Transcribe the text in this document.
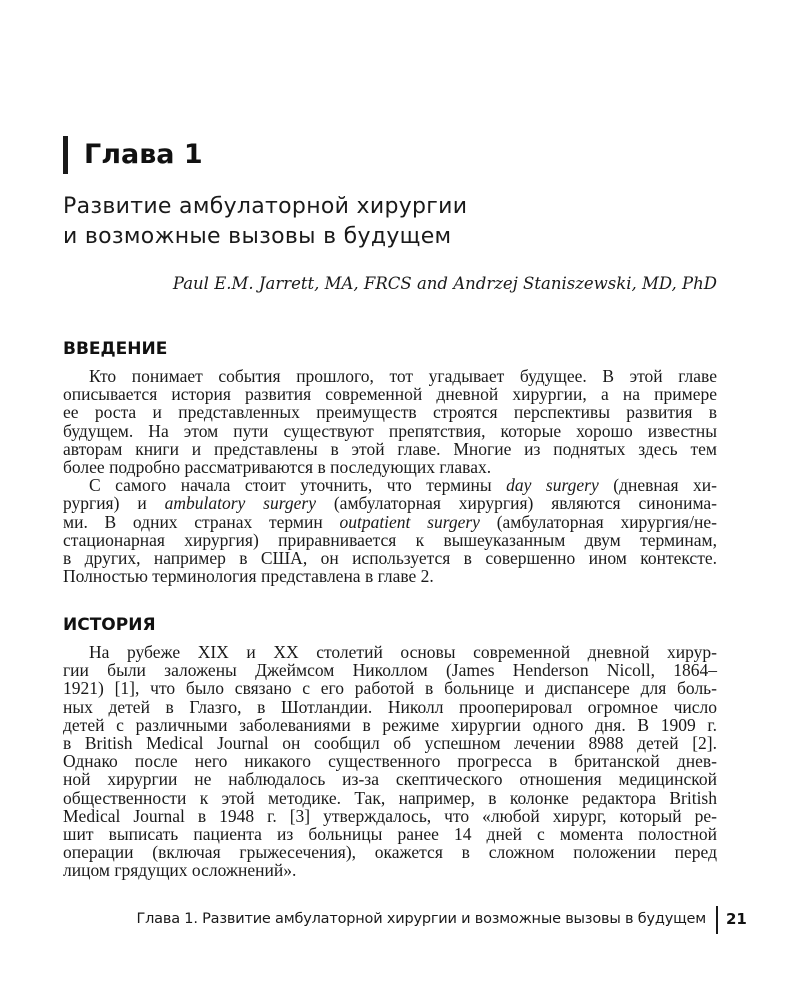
Глава 1
Развитие амбулаторной хирургии
и возможные вызовы в будущем
Paul E.M. Jarrett, MA, FRCS and Andrzej Staniszewski, MD, PhD
ВВЕДЕНИЕ
Кто понимает события прошлого, тот угадывает будущее. В этой главе
описывается история развития современной дневной хирургии, а на примере
ее роста и представленных преимуществ строятся перспективы развития в
будущем. На этом пути существуют препятствия, которые хорошо известны
авторам книги и представлены в этой главе. Многие из поднятых здесь тем
более подробно рассматриваются в последующих главах.
С самого начала стоит уточнить, что термины day surgery (дневная хи-
рургия) и ambulatory surgery (амбулаторная хирургия) являются синонима-
ми. В одних странах термин outpatient surgery (амбулаторная хирургия/не-
стационарная хирургия) приравнивается к вышеуказанным двум терминам,
в других, например в США, он используется в совершенно ином контексте.
Полностью терминология представлена в главе 2.
ИСТОРИЯ
На рубеже XIX и XX столетий основы современной дневной хирур-
гии были заложены Джеймсом Николлом (James Henderson Nicoll, 1864–
1921) [1], что было связано с его работой в больнице и диспансере для боль-
ных детей в Глазго, в Шотландии. Николл прооперировал огромное число
детей с различными заболеваниями в режиме хирургии одного дня. В 1909 г.
в British Medical Journal он сообщил об успешном лечении 8988 детей [2].
Однако после него никакого существенного прогресса в британской днев-
ной хирургии не наблюдалось из-за скептического отношения медицинской
общественности к этой методике. Так, например, в колонке редактора British
Medical Journal в 1948 г. [3] утверждалось, что «любой хирург, который ре-
шит выписать пациента из больницы ранее 14 дней с момента полостной
операции (включая грыжесечения), окажется в сложном положении перед
лицом грядущих осложнений».
Глава 1. Развитие амбулаторной хирургии и возможные вызовы в будущем 21
